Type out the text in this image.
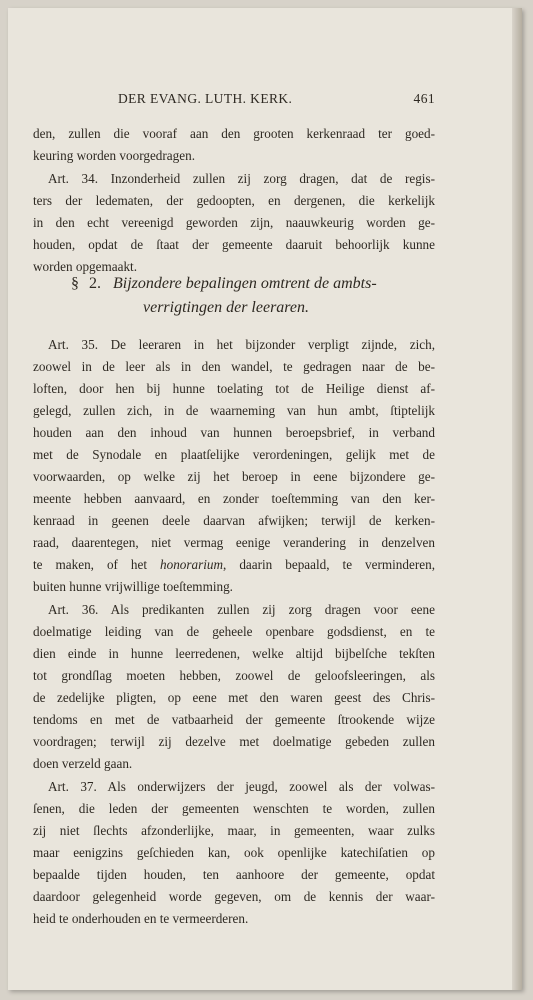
DER EVANG. LUTH. KERK.	461

den, zullen die vooraf aan den grooten kerkenraad ter goed-

keuring worden voorgedragen.

Art. 34. Inzonderheid zullen zij zorg dragen, dat de regis-

ters der ledematen, der gedoopten, en dergenen, die kerkelijk

in den echt vereenigd geworden zijn, naauwkeurig worden ge-

houden, opdat de ſtaat der gemeente daaruit behoorlijk kunne

worden opgemaakt.

§ 2. Bijzondere bepalingen omtrent de ambts-
verrigtingen der leeraren.

Art. 35. De leeraren in het bijzonder verpligt zijnde, zich,

zoowel in de leer als in den wandel, te gedragen naar de be-

loften, door hen bij hunne toelating tot de Heilige dienst af-

gelegd, zullen zich, in de waarneming van hun ambt, ſtiptelijk

houden aan den inhoud van hunnen beroepsbrief, in verband

met de Synodale en plaatſelijke verordeningen, gelijk met de

voorwaarden, op welke zij het beroep in eene bijzondere ge-

meente hebben aanvaard, en zonder toeſtemming van den ker-

kenraad in geenen deele daarvan afwijken; terwijl de kerken-

raad, daarentegen, niet vermag eenige verandering in denzelven

te maken, of het honorarium, daarin bepaald, te verminderen,

buiten hunne vrijwillige toeſtemming.

Art. 36. Als predikanten zullen zij zorg dragen voor eene

doelmatige leiding van de geheele openbare godsdienst, en te

dien einde in hunne leerredenen, welke altijd bijbelſche tekſten

tot grondſlag moeten hebben, zoowel de geloofsleeringen, als

de zedelijke pligten, op eene met den waren geest des Chris-

tendoms en met de vatbaarheid der gemeente ſtrookende wijze

voordragen; terwijl zij dezelve met doelmatige gebeden zullen

doen verzeld gaan.

Art. 37. Als onderwijzers der jeugd, zoowel als der volwas-

ſenen, die leden der gemeenten wenschten te worden, zullen

zij niet ſlechts afzonderlijke, maar, in gemeenten, waar zulks

maar eenigzins geſchieden kan, ook openlijke katechiſatien op

bepaalde tijden houden, ten aanhoore der gemeente, opdat

daardoor gelegenheid worde gegeven, om de kennis der waar-

heid te onderhouden en te vermeerderen.
